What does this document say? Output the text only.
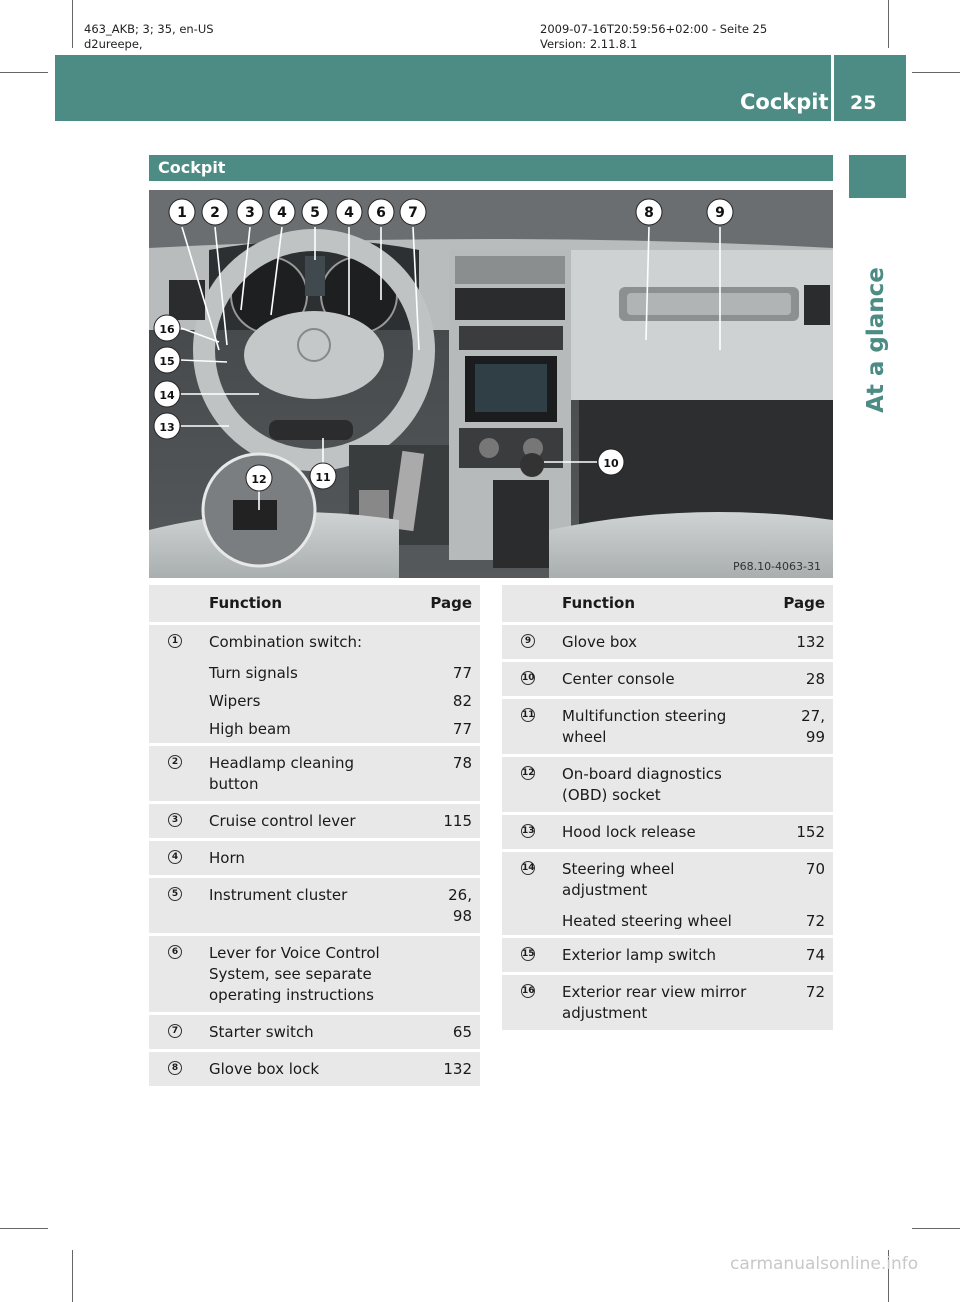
463_AKB; 3; 35, en-US
d2ureepe,
2009-07-16T20:59:56+02:00 - Seite 25
Version: 2.11.8.1
Cockpit 25
At a glance
Cockpit
1 2 3 4 5 4 6 7	8	9
16
15
14
13
12	11
10
P68.10-4063-31
	Function	Page
1	Combination switch:	
	Turn signals	77
	Wipers	82
	High beam	77
2	Headlamp cleaning button	78
3	Cruise control lever	115
4	Horn	
5	Instrument cluster	26,
98
6	Lever for Voice Control System, see separate operating instructions	
7	Starter switch	65
8	Glove box lock	132
	Function	Page
9	Glove box	132
10	Center console	28
11	Multifunction steering wheel	27,
99
12	On-board diagnostics (OBD) socket	
13	Hood lock release	152
14	Steering wheel adjustment	70
	Heated steering wheel	72
15	Exterior lamp switch	74
16	Exterior rear view mirror adjustment	72
carmanualsonline.info
